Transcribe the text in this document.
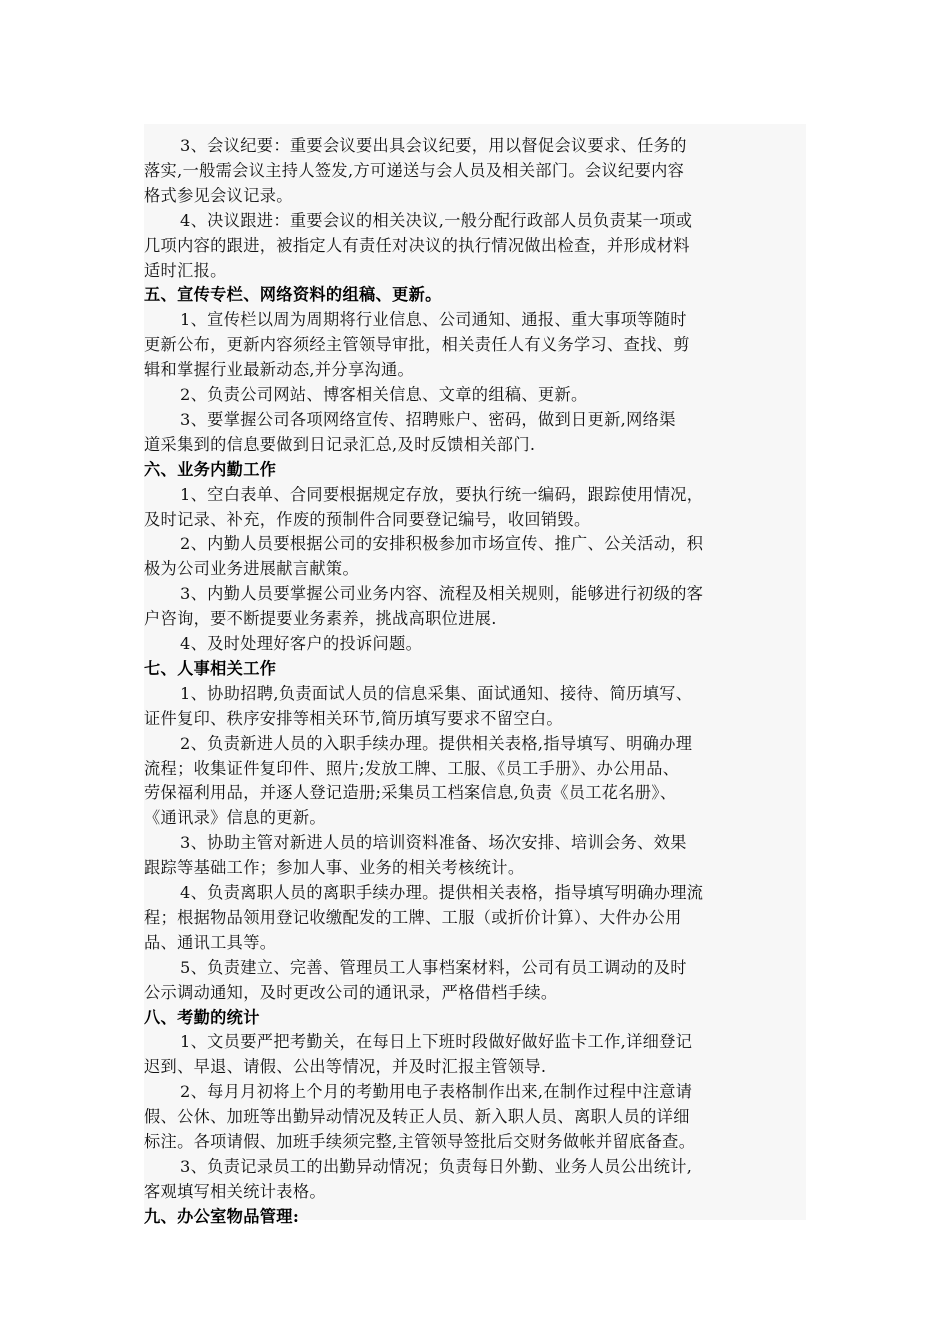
3、会议纪要：重要会议要出具会议纪要，用以督促会议要求、任务的
落实,一般需会议主持人签发,方可递送与会人员及相关部门。会议纪要内容
格式参见会议记录。
4、决议跟进：重要会议的相关决议,一般分配行政部人员负责某一项或
几项内容的跟进，被指定人有责任对决议的执行情况做出检查，并形成材料
适时汇报。
五、宣传专栏、网络资料的组稿、更新。
1、宣传栏以周为周期将行业信息、公司通知、通报、重大事项等随时
更新公布，更新内容须经主管领导审批，相关责任人有义务学习、查找、剪
辑和掌握行业最新动态,并分享沟通。
2、负责公司网站、博客相关信息、文章的组稿、更新。
3、要掌握公司各项网络宣传、招聘账户、密码，做到日更新,网络渠
道采集到的信息要做到日记录汇总,及时反馈相关部门.
六、业务内勤工作
1、空白表单、合同要根据规定存放，要执行统一编码，跟踪使用情况，
及时记录、补充，作废的预制件合同要登记编号，收回销毁。
2、内勤人员要根据公司的安排积极参加市场宣传、推广、公关活动，积
极为公司业务进展献言献策。
3、内勤人员要掌握公司业务内容、流程及相关规则，能够进行初级的客
户咨询，要不断提要业务素养，挑战高职位进展.
4、及时处理好客户的投诉问题。
七、人事相关工作
1、协助招聘,负责面试人员的信息采集、面试通知、接待、简历填写、
证件复印、秩序安排等相关环节,简历填写要求不留空白。
2、负责新进人员的入职手续办理。提供相关表格,指导填写、明确办理
流程；收集证件复印件、照片;发放工牌、工服、《员工手册》、办公用品、
劳保福利用品，并逐人登记造册;采集员工档案信息,负责《员工花名册》、
《通讯录》信息的更新。
3、协助主管对新进人员的培训资料准备、场次安排、培训会务、效果
跟踪等基础工作；参加人事、业务的相关考核统计。
4、负责离职人员的离职手续办理。提供相关表格，指导填写明确办理流
程；根据物品领用登记收缴配发的工牌、工服（或折价计算）、大件办公用
品、通讯工具等。
5、负责建立、完善、管理员工人事档案材料，公司有员工调动的及时
公示调动通知，及时更改公司的通讯录，严格借档手续。
八、考勤的统计
1、文员要严把考勤关，在每日上下班时段做好做好监卡工作,详细登记
迟到、早退、请假、公出等情况，并及时汇报主管领导.
2、每月月初将上个月的考勤用电子表格制作出来,在制作过程中注意请
假、公休、加班等出勤异动情况及转正人员、新入职人员、离职人员的详细
标注。各项请假、加班手续须完整,主管领导签批后交财务做帐并留底备查。
3、负责记录员工的出勤异动情况；负责每日外勤、业务人员公出统计,
客观填写相关统计表格。
九、办公室物品管理:
